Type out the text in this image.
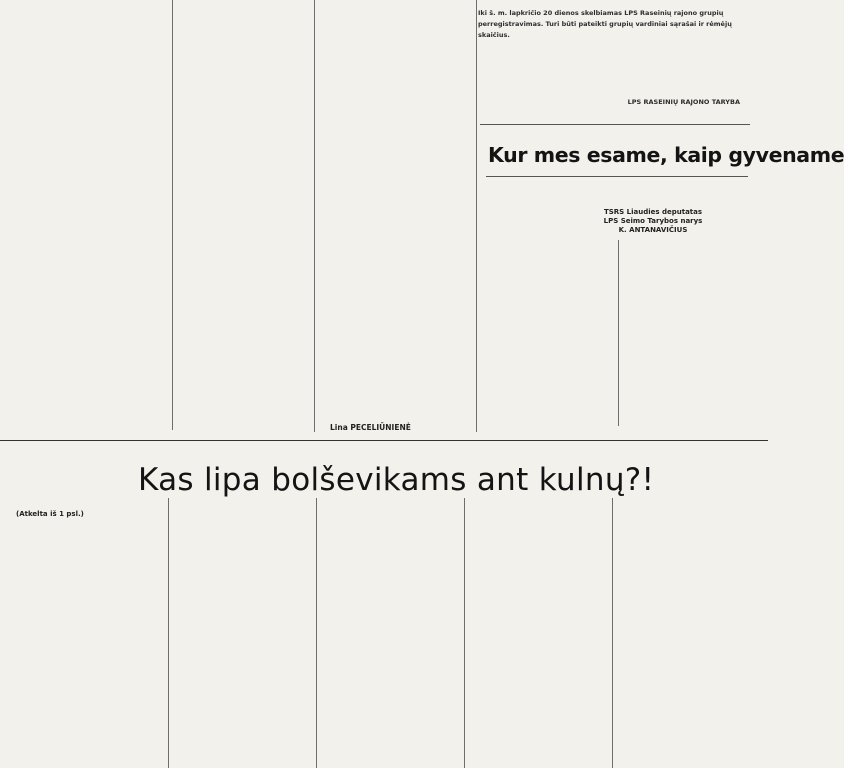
Iki š. m. lapkričio 20 dienos skelbiamas LPS Raseinių rajono grupių perregistravimas. Turi būti pateikti grupių vardiniai sąrašai ir rėmėjų skaičius.
LPS RASEINIŲ RAJONO TARYBA
Kur mes esame, kaip gyvename
TSRS Liaudies deputatas
LPS Seimo Tarybos narys
K. ANTANAVIČIUS
Lina PECELIŪNIENĖ
Kas lipa bolševikams ant kulnų?!
(Atkelta iš 1 psl.)
